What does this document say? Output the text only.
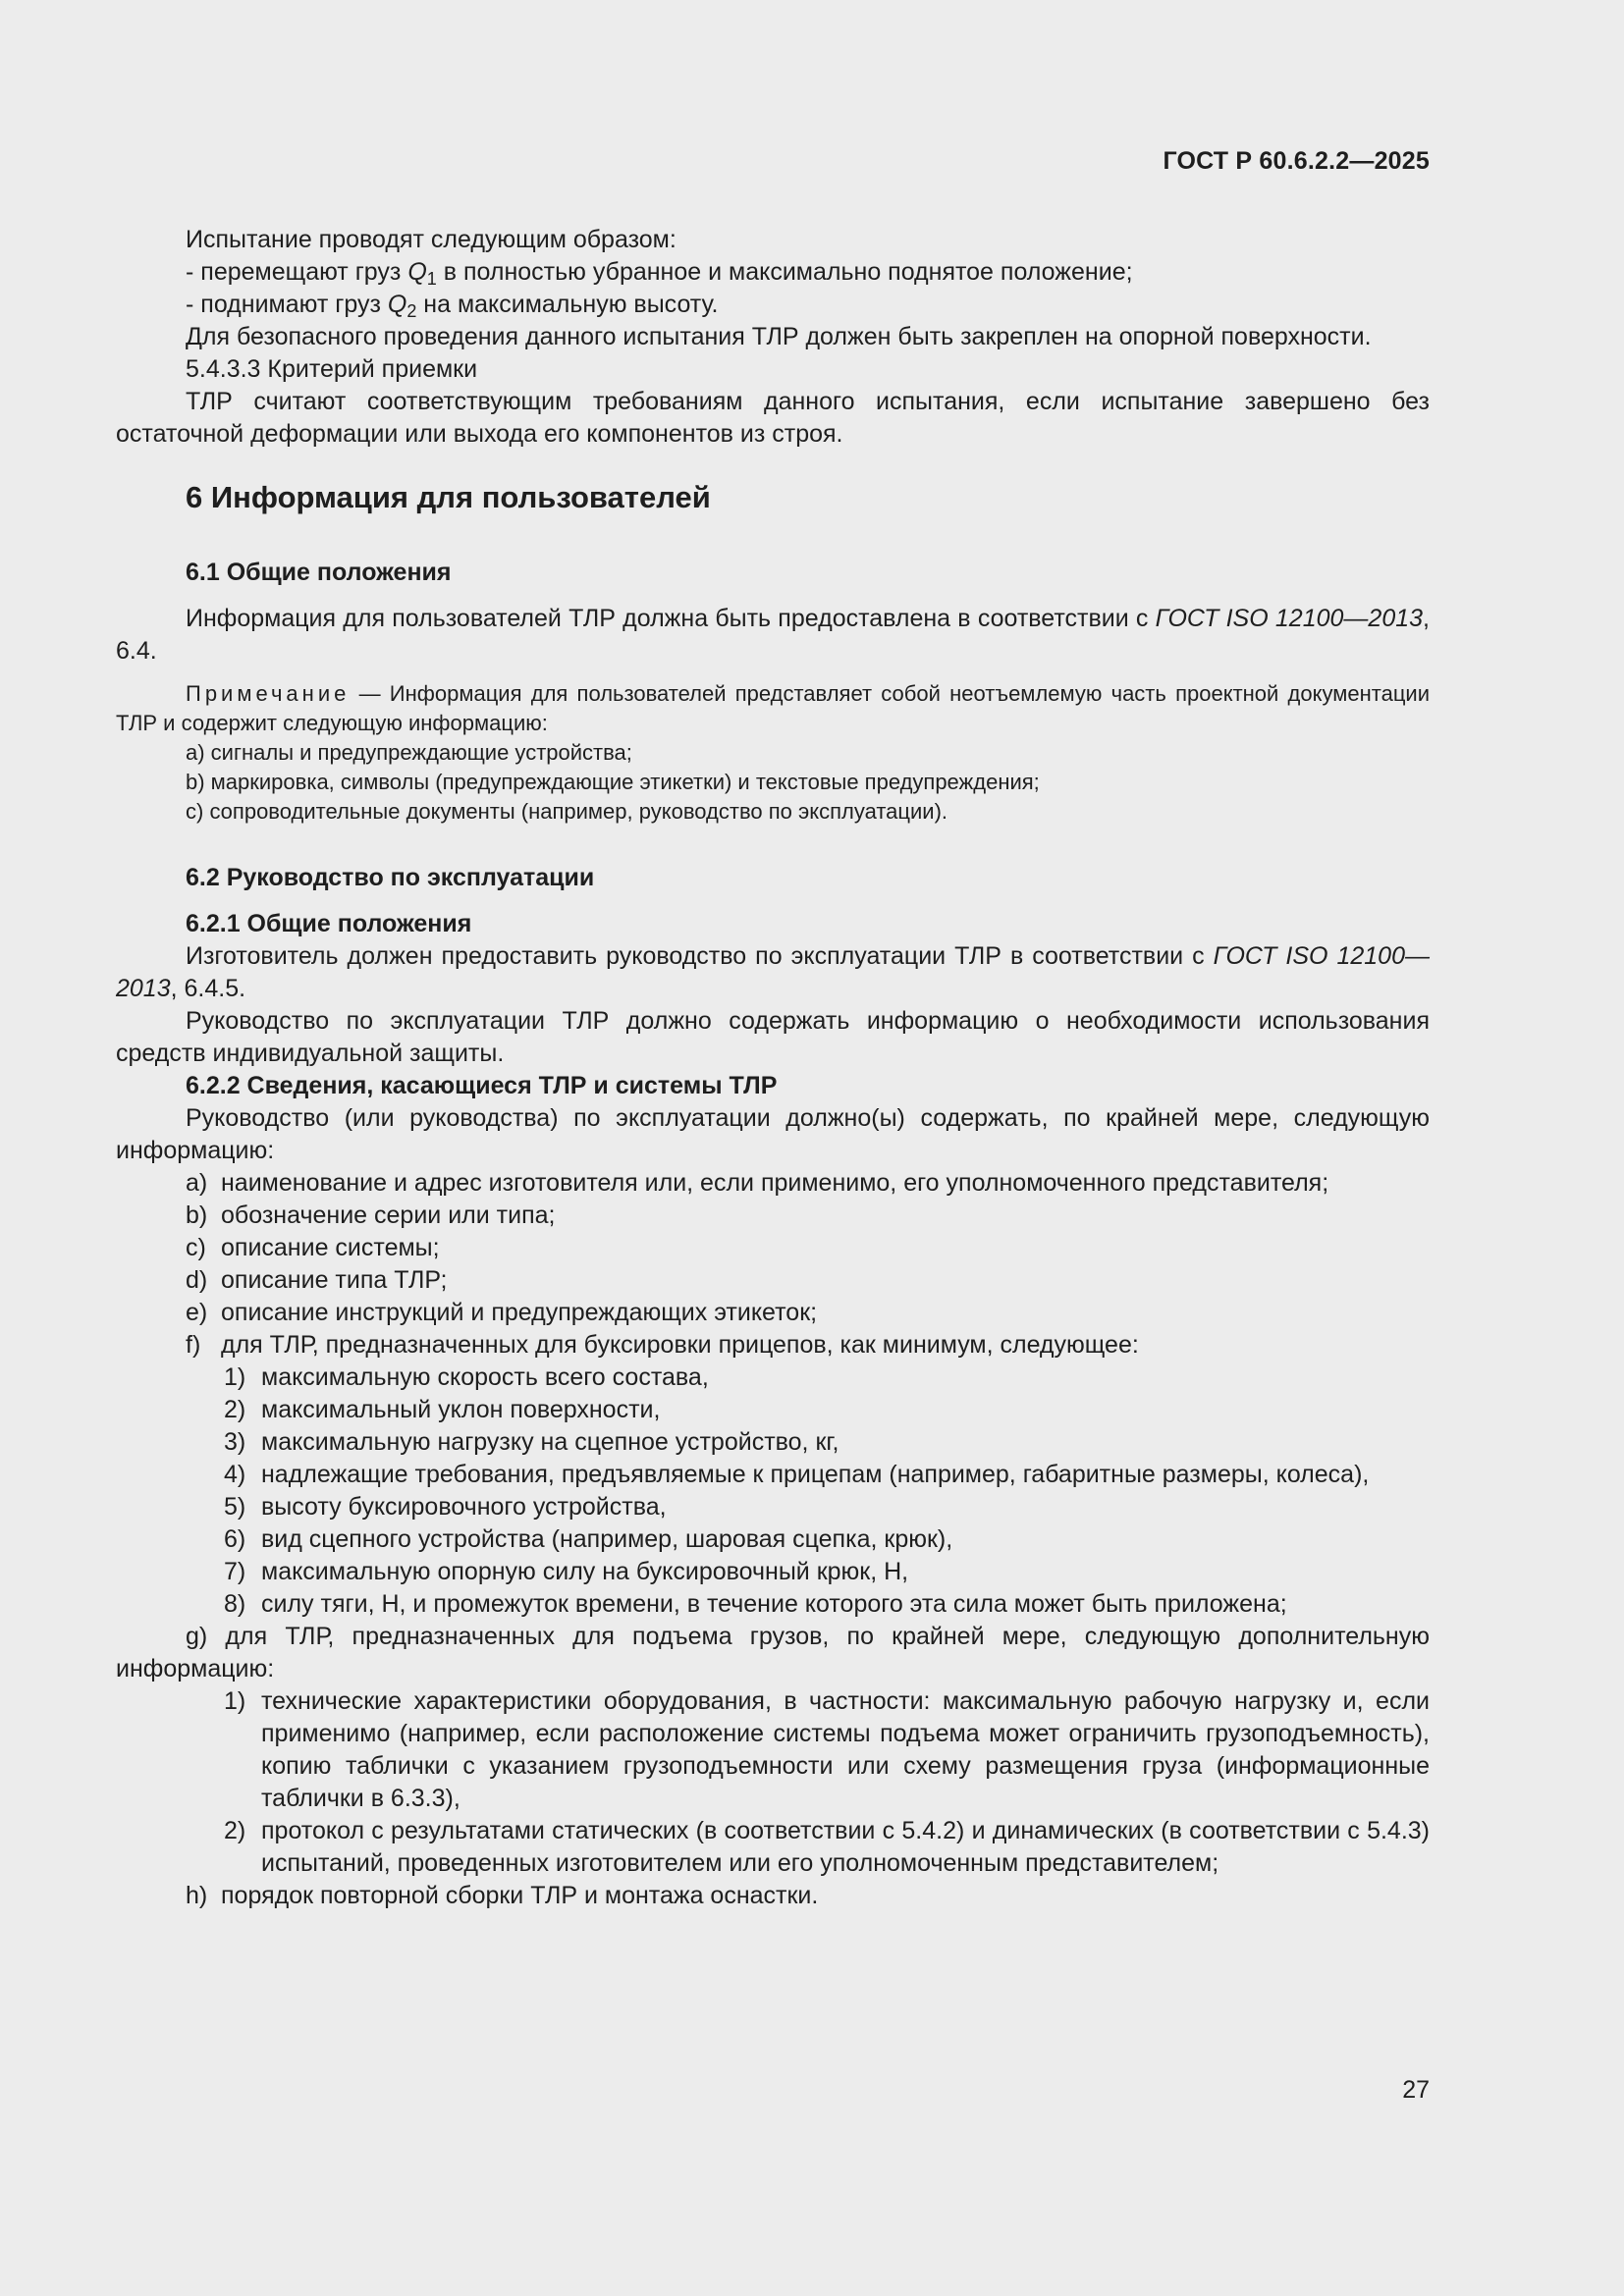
ГОСТ Р 60.6.2.2—2025

Испытание проводят следующим образом:

- перемещают груз $Q_1$ в полностью убранное и максимально поднятое положение;

- поднимают груз $Q_2$ на максимальную высоту.

Для безопасного проведения данного испытания ТЛР должен быть закреплен на опорной поверхности.

5.4.3.3 Критерий приемки

ТЛР считают соответствующим требованиям данного испытания, если испытание завершено без остаточной деформации или выхода его компонентов из строя.

6 Информация для пользователей
6.1 Общие положения

Информация для пользователей ТЛР должна быть предоставлена в соответствии с ГОСТ ISO 12100—2013, 6.4.

Примечание — Информация для пользователей представляет собой неотъемлемую часть проектной документации ТЛР и содержит следующую информацию:

a) сигналы и предупреждающие устройства;

b) маркировка, символы (предупреждающие этикетки) и текстовые предупреждения;

c) сопроводительные документы (например, руководство по эксплуатации).

6.2 Руководство по эксплуатации
6.2.1 Общие положения

Изготовитель должен предоставить руководство по эксплуатации ТЛР в соответствии с ГОСТ ISO 12100—2013, 6.4.5.

Руководство по эксплуатации ТЛР должно содержать информацию о необходимости использования средств индивидуальной защиты.

6.2.2 Сведения, касающиеся ТЛР и системы ТЛР

Руководство (или руководства) по эксплуатации должно(ы) содержать, по крайней мере, следующую информацию:

a) наименование и адрес изготовителя или, если применимо, его уполномоченного представителя;

b) обозначение серии или типа;

c) описание системы;

d) описание типа ТЛР;

e) описание инструкций и предупреждающих этикеток;

f) для ТЛР, предназначенных для буксировки прицепов, как минимум, следующее:

1) максимальную скорость всего состава,

2) максимальный уклон поверхности,

3) максимальную нагрузку на сцепное устройство, кг,

4) надлежащие требования, предъявляемые к прицепам (например, габаритные размеры, колеса),

5) высоту буксировочного устройства,

6) вид сцепного устройства (например, шаровая сцепка, крюк),

7) максимальную опорную силу на буксировочный крюк, Н,

8) силу тяги, Н, и промежуток времени, в течение которого эта сила может быть приложена;

g) для ТЛР, предназначенных для подъема грузов, по крайней мере, следующую дополнительную информацию:

1) технические характеристики оборудования, в частности: максимальную рабочую нагрузку и, если применимо (например, если расположение системы подъема может ограничить грузоподъемность), копию таблички с указанием грузоподъемности или схему размещения груза (информационные таблички в 6.3.3),

2) протокол с результатами статических (в соответствии с 5.4.2) и динамических (в соответствии с 5.4.3) испытаний, проведенных изготовителем или его уполномоченным представителем;

h) порядок повторной сборки ТЛР и монтажа оснастки.

27
